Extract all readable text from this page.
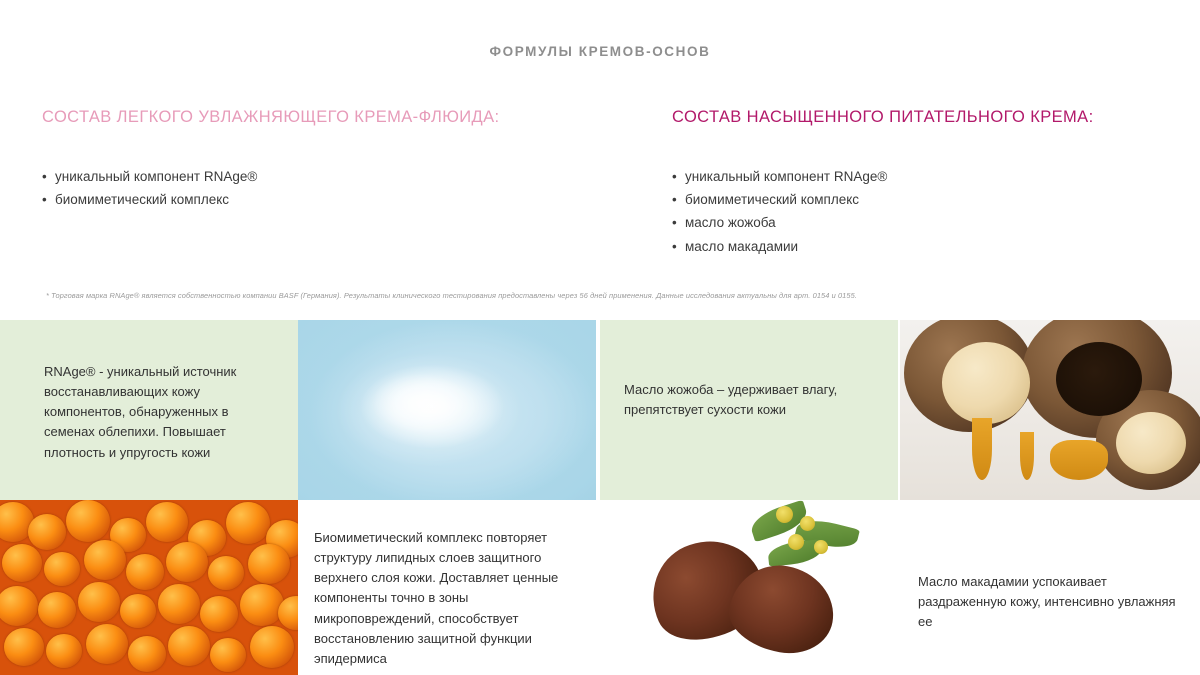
ФОРМУЛЫ КРЕМОВ-ОСНОВ
СОСТАВ ЛЕГКОГО УВЛАЖНЯЮЩЕГО КРЕМА-ФЛЮИДА:
• уникальный компонент RNAge®
• биомиметический комплекс
СОСТАВ НАСЫЩЕННОГО ПИТАТЕЛЬНОГО КРЕМА:
• уникальный компонент RNAge®
• биомиметический комплекс
• масло жожоба
• масло макадамии
* Торговая марка RNAge® является собственностью компании BASF (Германия). Результаты клинического тестирования предоставлены через 56 дней применения. Данные исследования актуальны для арт. 0154 и 0155.
RNAge® - уникальный источник восстанавливающих кожу компонентов, обнаруженных в семенах облепихи. Повышает плотность и упругость кожи
Масло жожоба – удерживает влагу, препятствует сухости кожи
Биомиметический комплекс повторяет структуру липидных слоев защитного верхнего слоя кожи. Доставляет ценные компоненты точно в зоны микроповреждений, способствует восстановлению защитной функции эпидермиса
Масло макадамии успокаивает раздраженную кожу, интенсивно увлажняя ее
